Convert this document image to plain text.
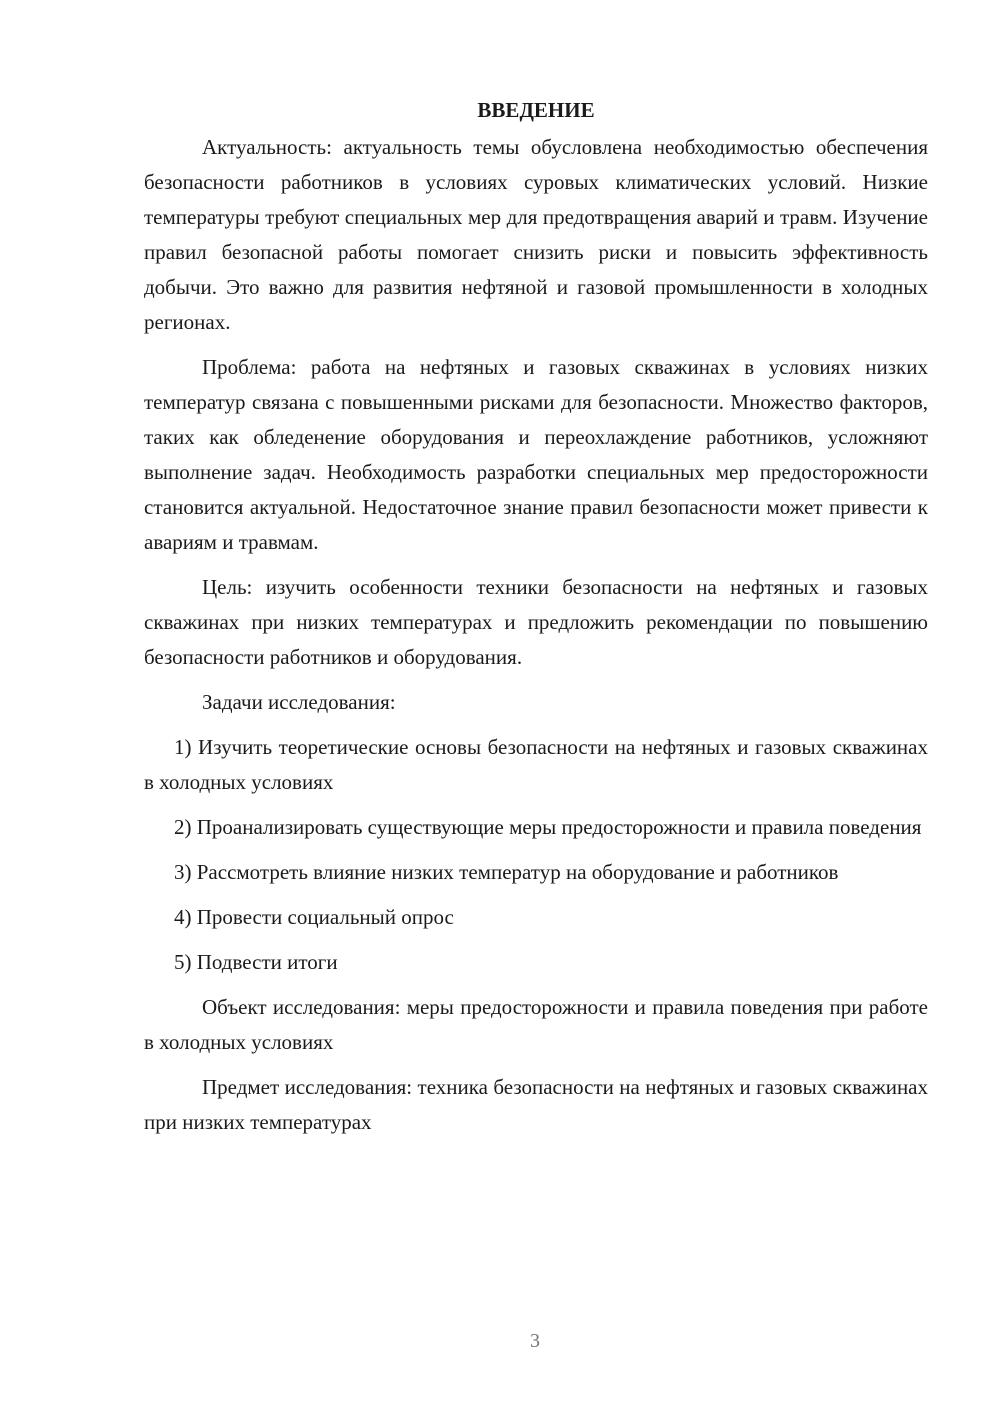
ВВЕДЕНИЕ

Актуальность: актуальность темы обусловлена необходимостью обеспечения безопасности работников в условиях суровых климатических условий. Низкие температуры требуют специальных мер для предотвращения аварий и травм. Изучение правил безопасной работы помогает снизить риски и повысить эффективность добычи. Это важно для развития нефтяной и газовой промышленности в холодных регионах.

Проблема: работа на нефтяных и газовых скважинах в условиях низких температур связана с повышенными рисками для безопасности. Множество факторов, таких как обледенение оборудования и переохлаждение работников, усложняют выполнение задач. Необходимость разработки специальных мер предосторожности становится актуальной. Недостаточное знание правил безопасности может привести к авариям и травмам.

Цель: изучить особенности техники безопасности на нефтяных и газовых скважинах при низких температурах и предложить рекомендации по повышению безопасности работников и оборудования.

Задачи исследования:

1) Изучить теоретические основы безопасности на нефтяных и газовых скважинах в холодных условиях

2) Проанализировать существующие меры предосторожности и правила поведения

3) Рассмотреть влияние низких температур на оборудование и работников

4) Провести социальный опрос

5) Подвести итоги

Объект исследования: меры предосторожности и правила поведения при работе в холодных условиях

Предмет исследования: техника безопасности на нефтяных и газовых скважинах при низких температурах

3
